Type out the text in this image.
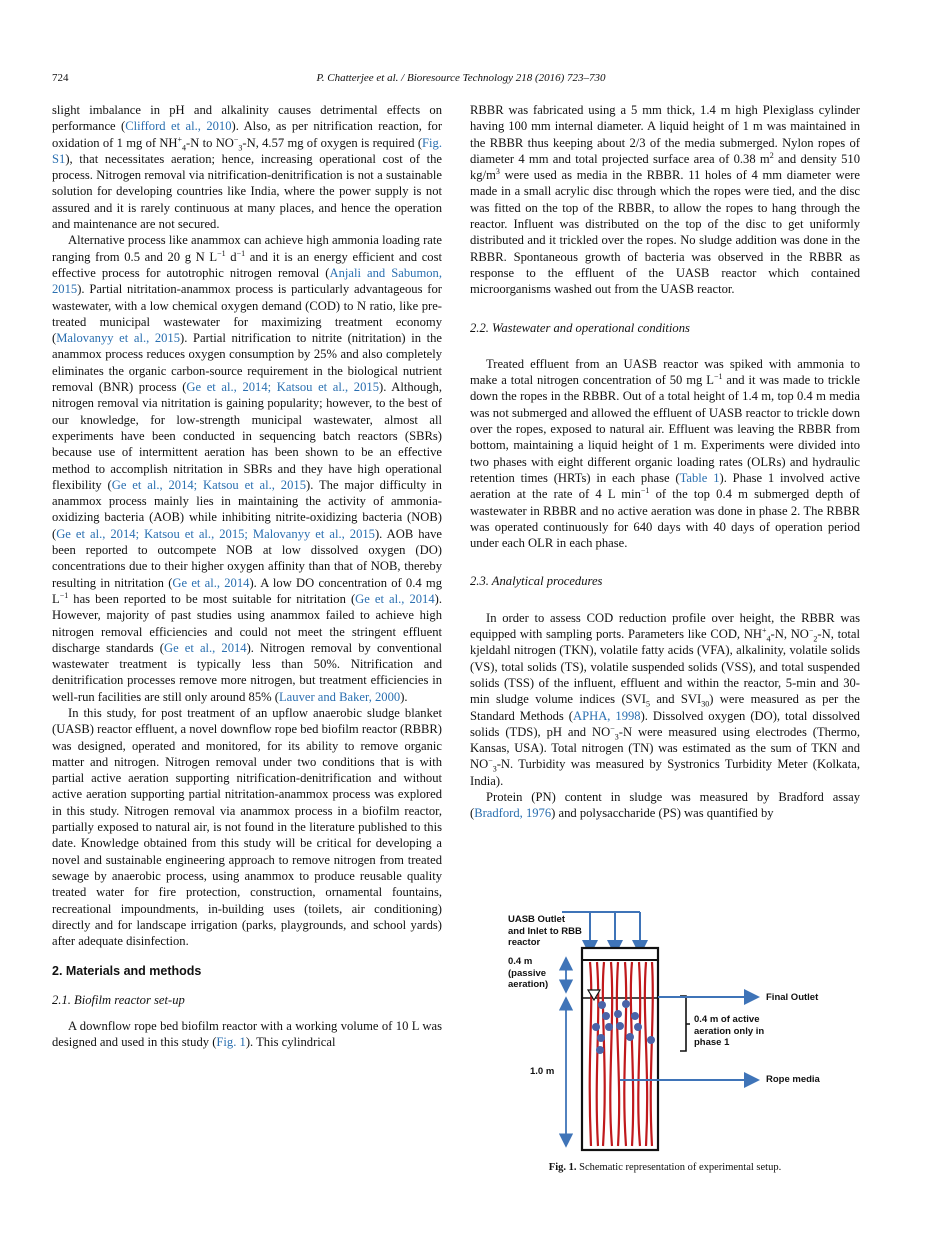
724	P. Chatterjee et al. / Bioresource Technology 218 (2016) 723–730

slight imbalance in pH and alkalinity causes detrimental effects on performance (Clifford et al., 2010). Also, as per nitrification reaction, for oxidation of 1 mg of $NH^+_4-N$ to $NO^-_3-N$, 4.57 mg of oxygen is required (Fig. S1), that necessitates aeration; hence, increasing operational cost of the process. Nitrogen removal via nitrification-denitrification is not a sustainable solution for developing countries like India, where the power supply is not assured and it is rarely continuous at many places, and hence the operation and maintenance are not secured.

Alternative process like anammox can achieve high ammonia loading rate ranging from 0.5 and 20 g N $L^{-1}$ $d^{-1}$ and it is an energy efficient and cost effective process for autotrophic nitrogen removal (Anjali and Sabumon, 2015). Partial nitritation-anammox process is particularly advantageous for wastewater, with a low chemical oxygen demand (COD) to N ratio, like pre-treated municipal wastewater for maximizing treatment economy (Malovanyy et al., 2015). Partial nitrification to nitrite (nitritation) in the anammox process reduces oxygen consumption by 25% and also completely eliminates the organic carbon-source requirement in the biological nutrient removal (BNR) process (Ge et al., 2014; Katsou et al., 2015). Although, nitrogen removal via nitritation is gaining popularity; however, to the best of our knowledge, for low-strength municipal wastewater, almost all experiments have been conducted in sequencing batch reactors (SBRs) because use of intermittent aeration has been shown to be an effective method to accomplish nitritation in SBRs and they have high operational flexibility (Ge et al., 2014; Katsou et al., 2015). The major difficulty in anammox process mainly lies in maintaining the activity of ammonia-oxidizing bacteria (AOB) while inhibiting nitrite-oxidizing bacteria (NOB) (Ge et al., 2014; Katsou et al., 2015; Malovanyy et al., 2015). AOB have been reported to outcompete NOB at low dissolved oxygen (DO) concentrations due to their higher oxygen affinity than that of NOB, thereby resulting in nitritation (Ge et al., 2014). A low DO concentration of 0.4 mg $L^{-1}$ has been reported to be most suitable for nitritation (Ge et al., 2014). However, majority of past studies using anammox failed to achieve high nitrogen removal efficiencies and could not meet the stringent effluent discharge standards (Ge et al., 2014). Nitrogen removal by conventional wastewater treatment is typically less than 50%. Nitrification and denitrification processes remove more nitrogen, but treatment efficiencies in well-run facilities are still only around 85% (Lauver and Baker, 2000).

In this study, for post treatment of an upflow anaerobic sludge blanket (UASB) reactor effluent, a novel downflow rope bed biofilm reactor (RBBR) was designed, operated and monitored, for its ability to remove organic matter and nitrogen. Nitrogen removal under two conditions that is with partial active aeration supporting nitrification-denitrification and without active aeration supporting partial nitritation-anammox process was explored in this study. Nitrogen removal via anammox process in a biofilm reactor, partially exposed to natural air, is not found in the literature published to this date. Knowledge obtained from this study will be critical for developing a novel and sustainable engineering approach to remove nitrogen from treated sewage by anaerobic process, using anammox to produce reusable quality treated water for fire protection, construction, ornamental fountains, recreational impoundments, in-building uses (toilets, air conditioning) directly and for landscape irrigation (parks, playgrounds, and school yards) after adequate disinfection.

2. Materials and methods
2.1. Biofilm reactor set-up

A downflow rope bed biofilm reactor with a working volume of 10 L was designed and used in this study (Fig. 1). This cylindrical

RBBR was fabricated using a 5 mm thick, 1.4 m high Plexiglass cylinder having 100 mm internal diameter. A liquid height of 1 m was maintained in the RBBR thus keeping about 2/3 of the media submerged. Nylon ropes of diameter 4 mm and total projected surface area of 0.38 $m^2$ and density 510 $kg/m^3$ were used as media in the RBBR. 11 holes of 4 mm diameter were made in a small acrylic disc through which the ropes were tied, and the disc was fitted on the top of the RBBR, to allow the ropes to hang through the reactor. Influent was distributed on the top of the disc to get uniformly distributed and it trickled over the ropes. No sludge addition was done in the RBBR. Spontaneous growth of bacteria was observed in the RBBR as response to the effluent of the UASB reactor which contained microorganisms washed out from the UASB reactor.

2.2. Wastewater and operational conditions

Treated effluent from an UASB reactor was spiked with ammonia to make a total nitrogen concentration of 50 mg $L^{-1}$ and it was made to trickle down the ropes in the RBBR. Out of a total height of 1.4 m, top 0.4 m media was not submerged and allowed the effluent of UASB reactor to trickle down over the ropes, exposed to natural air. Effluent was leaving the RBBR from bottom, maintaining a liquid height of 1 m. Experiments were divided into two phases with eight different organic loading rates (OLRs) and hydraulic retention times (HRTs) in each phase (Table 1). Phase 1 involved active aeration at the rate of 4 L $\min^{-1}$ of the top 0.4 m submerged depth of wastewater in RBBR and no active aeration was done in phase 2. The RBBR was operated continuously for 640 days with 40 days of operation period under each OLR in each phase.

2.3. Analytical procedures

In order to assess COD reduction profile over height, the RBBR was equipped with sampling ports. Parameters like COD, $NH^+_4-N$, $NO^-_2-N$, total kjeldahl nitrogen (TKN), volatile fatty acids (VFA), alkalinity, volatile solids (VS), total solids (TS), volatile suspended solids (VSS), and total suspended solids (TSS) of the influent, effluent and within the reactor, 5-min and 30-min sludge volume indices ($SVI_5$ and $SVI_{30}$) were measured as per the Standard Methods (APHA, 1998). Dissolved oxygen (DO), total dissolved solids (TDS), pH and $NO^-_3-N$ were measured using electrodes (Thermo, Kansas, USA). Total nitrogen (TN) was estimated as the sum of TKN and $NO^-_3-N$. Turbidity was measured by Systronics Turbidity Meter (Kolkata, India).

Protein (PN) content in sludge was measured by Bradford assay (Bradford, 1976) and polysaccharide (PS) was quantified by

UASB Outlet and Inlet to RBB reactor
0.4 m (passive aeration)
0.4 m of active aeration only in phase 1
Final Outlet
1.0 m
Rope media
Fig. 1. Schematic representation of experimental setup.
